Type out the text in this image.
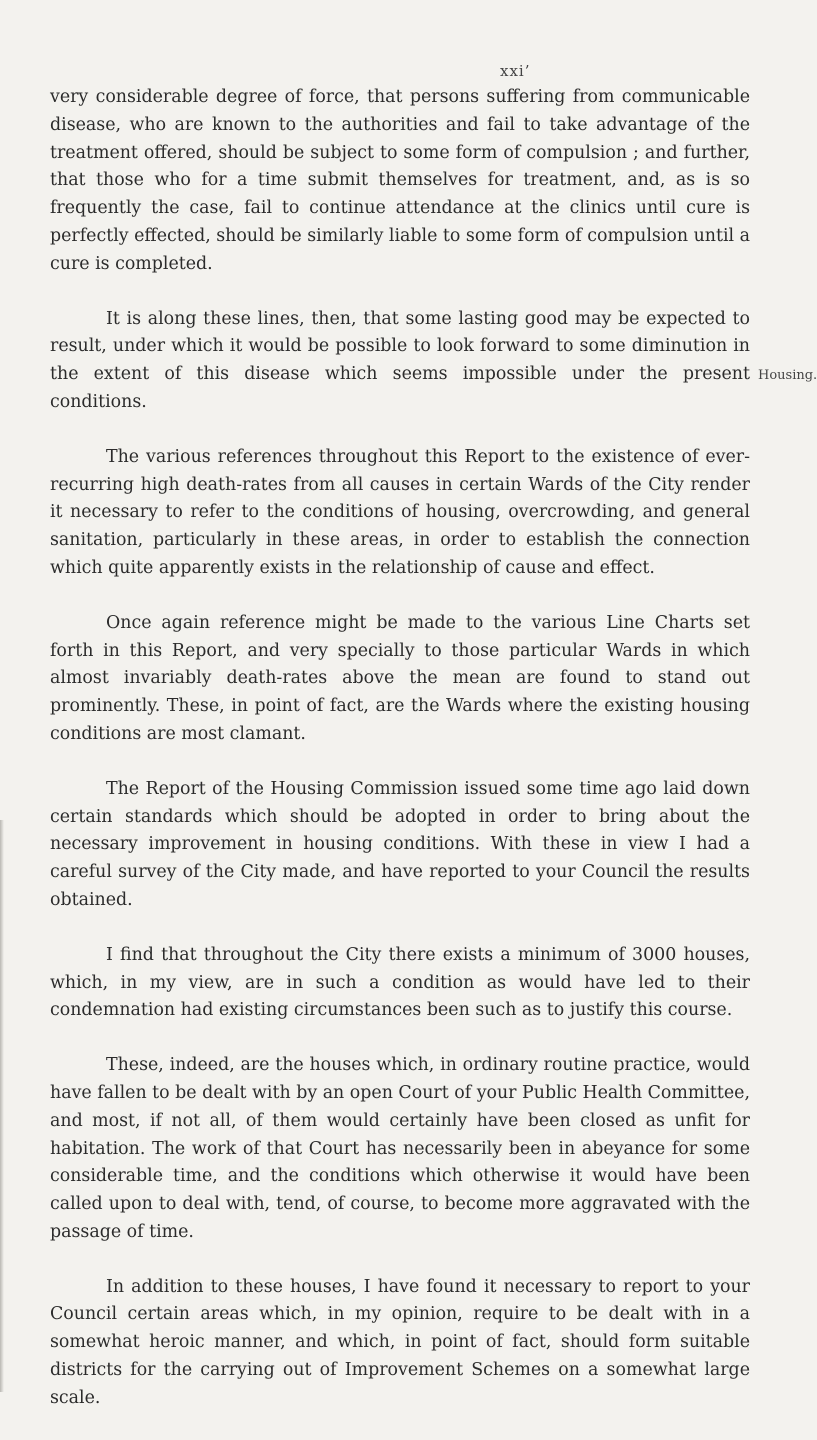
xxi’
Housing.

very considerable degree of force, that persons suffering from communicable disease, who are known to the authorities and fail to take advantage of the treatment offered, should be subject to some form of compulsion ; and further, that those who for a time submit themselves for treatment, and, as is so frequently the case, fail to continue attendance at the clinics until cure is perfectly effected, should be similarly liable to some form of compulsion until a cure is completed.

It is along these lines, then, that some lasting good may be expected to result, under which it would be possible to look forward to some diminution in the extent of this disease which seems impossible under the present conditions.

The various references throughout this Report to the existence of ever-recurring high death-rates from all causes in certain Wards of the City render it necessary to refer to the conditions of housing, overcrowding, and general sanitation, particularly in these areas, in order to establish the connection which quite apparently exists in the relationship of cause and effect.

Once again reference might be made to the various Line Charts set forth in this Report, and very specially to those particular Wards in which almost invariably death-rates above the mean are found to stand out prominently. These, in point of fact, are the Wards where the existing housing conditions are most clamant.

The Report of the Housing Commission issued some time ago laid down certain standards which should be adopted in order to bring about the necessary improvement in housing conditions. With these in view I had a careful survey of the City made, and have reported to your Council the results obtained.

I find that throughout the City there exists a minimum of 3000 houses, which, in my view, are in such a condition as would have led to their condemnation had existing circumstances been such as to justify this course.

These, indeed, are the houses which, in ordinary routine practice, would have fallen to be dealt with by an open Court of your Public Health Committee, and most, if not all, of them would certainly have been closed as unfit for habitation. The work of that Court has necessarily been in abeyance for some considerable time, and the conditions which otherwise it would have been called upon to deal with, tend, of course, to become more aggravated with the passage of time.

In addition to these houses, I have found it necessary to report to your Council certain areas which, in my opinion, require to be dealt with in a somewhat heroic manner, and which, in point of fact, should form suitable districts for the carrying out of Improvement Schemes on a somewhat large scale.
